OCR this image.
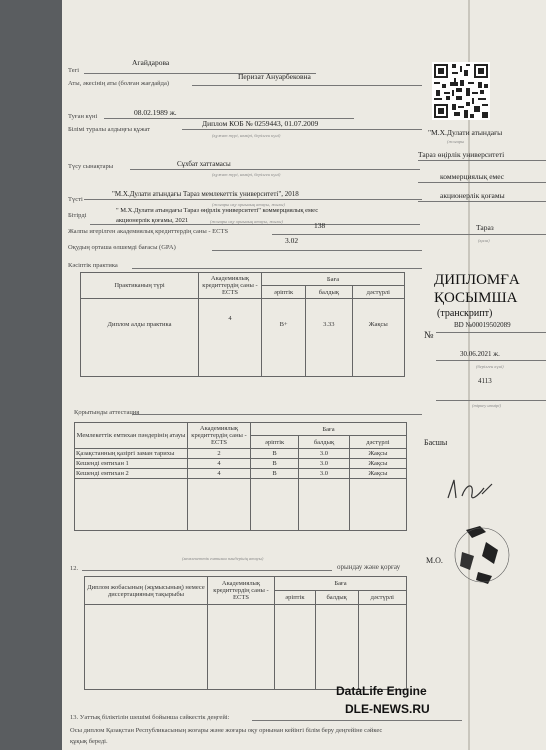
Тегі
Агайдарова
Аты, әкесінің аты (болған жағдайда)
Перизат Ануарбековна
Туған күні	08.02.1989 ж.
Білімі туралы алдыңғы құжат
Диплом КОБ № 0259443, 01.07.2009
(құжат түрі, нөмірі, берілген күні)
Түсу сынақтары	Сұхбат хаттамасы
(құжат түрі, нөмірі, берілген күні)
Түсті
"М.Х.Дулати атындағы Тараз мемлекеттік университеті", 2018
(жоғары оқу орнының атауы, жылы)
Бітірді
" М.Х.Дулати атындағы Тараз өңірлік университеті" коммерциялық емес
акционерлік қоғамы, 2021	(жоғары оқу орнының атауы, жылы)
Жалпы игерілген академиялық кредиттердің саны - ECTS
138
Оқудың орташа өлшемді бағасы (GPA)
3.02
Кәсіптік практика
Практиканың түрі	Академиялық кредиттердің саны - ECTS	Баға		
		әріптік	балдық	дәстүрлі
Диплом алды практика	4	B+	3.33	Жақсы
Қорытынды аттестация
Мемлекеттік емтихан пәндерінің атауы	Академиялық кредиттердің саны - ECTS	Баға		
		әріптік	балдық	дәстүрлі
Қазақстанның қазіргі заман тарихы	2	B	3.0	Жақсы
Кешенді емтихан 1	4	B	3.0	Жақсы
Кешенді емтихан 2	4	B	3.0	Жақсы

(мемлекеттік емтихан пәндерінің атауы)
12.	орындау және қорғау
Диплом жобасының (жұмысының) немесе диссертацияның тақырыбы	Академиялық кредиттердің саны - ECTS	Баға		
		әріптік	балдық	дәстүрлі

13. Уаттық біліктілін шешімі бойынша сәйкестік деңгейі:
Осы диплом Қазақстан Республикасының жоғары және жоғары оқу орнынан кейінгі білім беру деңгейіне сәйкес
құқық береді.
"М.Х.Дулати атындағы
(жоғары
Тараз өңірлік университеті
коммерциялық емес
акционерлік қоғамы
Тараз
(қала)
ДИПЛОМҒА
ҚОСЫМША
(транскрипт)
№
ВD №00019502089
30.06.2021 ж.
(берілген күні)
4113
(тіркеу нөмірі)
Басшы
М.О.
DataLife Engine
DLE-NEWS.RU
